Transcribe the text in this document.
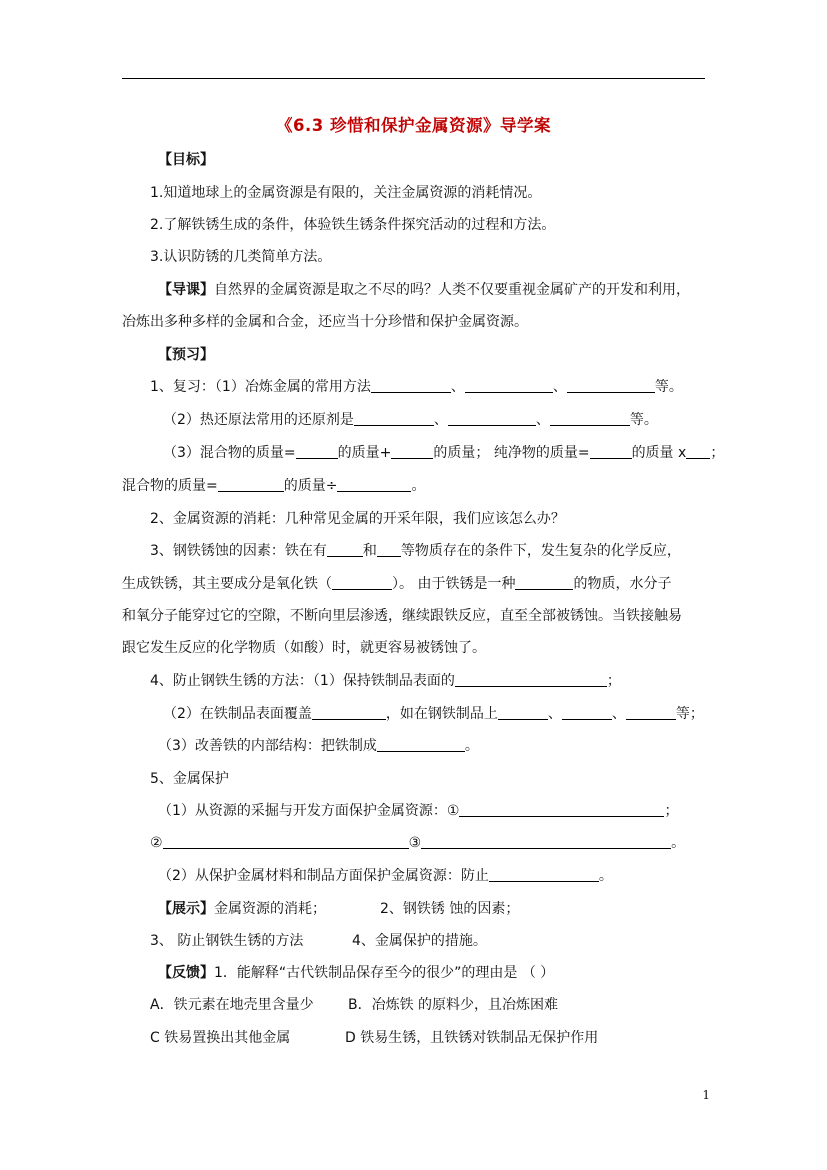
《6.3 珍惜和保护金属资源》导学案
【目标】
1.知道地球上的金属资源是有限的，关注金属资源的消耗情况。
2.了解铁锈生成的条件，体验铁生锈条件探究活动的过程和方法。
3.认识防锈的几类简单方法。
【导课】自然界的金属资源是取之不尽的吗？人类不仅要重视金属矿产的开发和利用，
冶炼出多种多样的金属和合金，还应当十分珍惜和保护金属资源。
【预习】
1、复习：（1）冶炼金属的常用方法	、	、	等。
（2）热还原法常用的还原剂是	、	、	等。
（3）混合物的质量=	的质量+	的质量； 纯净物的质量=	的质量 x ；
混合物的质量=	的质量÷	。
2、金属资源的消耗：几种常见金属的开采年限，我们应该怎么办？
3、钢铁锈蚀的因素：铁在有	和 等物质存在的条件下，发生复杂的化学反应，
生成铁锈，其主要成分是氧化铁（	）。 由于铁锈是一种	的物质，水分子
和氧分子能穿过它的空隙，不断向里层渗透，继续跟铁反应，直至全部被锈蚀。当铁接触易
跟它发生反应的化学物质（如酸）时，就更容易被锈蚀了。
4、防止钢铁生锈的方法：（1）保持铁制品表面的	；
（2）在铁制品表面覆盖	，如在钢铁制品上	、	、	等；
（3）改善铁的内部结构：把铁制成	。
5、金属保护
（1）从资源的采掘与开发方面保护金属资源：①	；
②	③	。
（2）从保护金属材料和制品方面保护金属资源：防止	。
【展示】金属资源的消耗；	2、钢铁锈 蚀的因素；
3、 防止钢铁生锈的方法	4、金属保护的措施。
【反馈】1．能解释“古代铁制品保存至今的很少”的理由是 （ ）
A．铁元素在地壳里含量少 B．冶炼铁 的原料少，且冶炼困难
C 铁易置换出其他金属	D 铁易生锈，且铁锈对铁制品无保护作用
1
